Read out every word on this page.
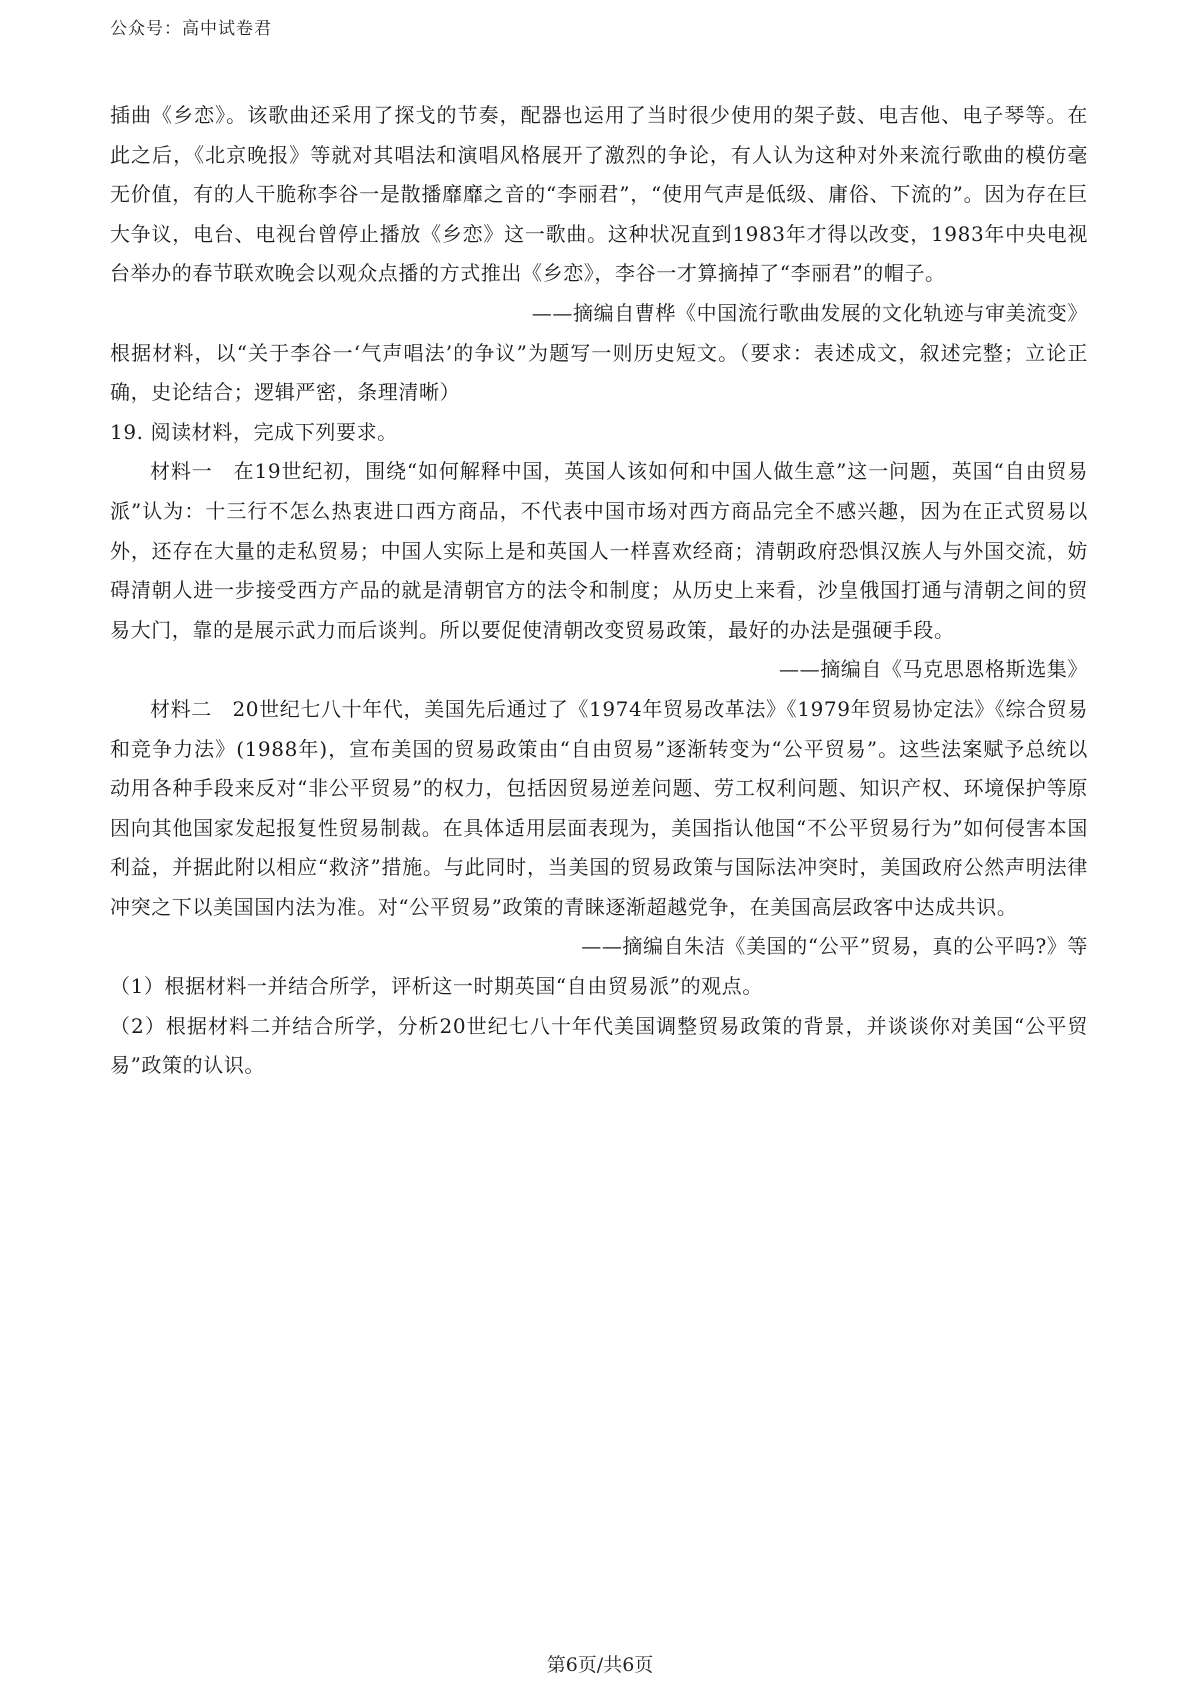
公众号：高中试卷君

插曲《乡恋》。该歌曲还采用了探戈的节奏，配器也运用了当时很少使用的架子鼓、电吉他、电子琴等。在此之后，《北京晚报》等就对其唱法和演唱风格展开了激烈的争论，有人认为这种对外来流行歌曲的模仿毫无价值，有的人干脆称李谷一是散播靡靡之音的“李丽君”，“使用气声是低级、庸俗、下流的”。因为存在巨大争议，电台、电视台曾停止播放《乡恋》这一歌曲。这种状况直到1983年才得以改变，1983年中央电视台举办的春节联欢晚会以观众点播的方式推出《乡恋》，李谷一才算摘掉了“李丽君”的帽子。

——摘编自曹桦《中国流行歌曲发展的文化轨迹与审美流变》

根据材料，以“关于李谷一‘气声唱法’的争议”为题写一则历史短文。（要求：表述成文，叙述完整；立论正确，史论结合；逻辑严密，条理清晰）

19. 阅读材料，完成下列要求。

材料一　在19世纪初，围绕“如何解释中国，英国人该如何和中国人做生意”这一问题，英国“自由贸易派”认为：十三行不怎么热衷进口西方商品，不代表中国市场对西方商品完全不感兴趣，因为在正式贸易以外，还存在大量的走私贸易；中国人实际上是和英国人一样喜欢经商；清朝政府恐惧汉族人与外国交流，妨碍清朝人进一步接受西方产品的就是清朝官方的法令和制度；从历史上来看，沙皇俄国打通与清朝之间的贸易大门，靠的是展示武力而后谈判。所以要促使清朝改变贸易政策，最好的办法是强硬手段。

——摘编自《马克思恩格斯选集》

材料二　20世纪七八十年代，美国先后通过了《1974年贸易改革法》《1979年贸易协定法》《综合贸易和竞争力法》(1988年)，宣布美国的贸易政策由“自由贸易”逐渐转变为“公平贸易”。这些法案赋予总统以动用各种手段来反对“非公平贸易”的权力，包括因贸易逆差问题、劳工权利问题、知识产权、环境保护等原因向其他国家发起报复性贸易制裁。在具体适用层面表现为，美国指认他国“不公平贸易行为”如何侵害本国利益，并据此附以相应“救济”措施。与此同时，当美国的贸易政策与国际法冲突时，美国政府公然声明法律冲突之下以美国国内法为准。对“公平贸易”政策的青睐逐渐超越党争，在美国高层政客中达成共识。

——摘编自朱洁《美国的“公平”贸易，真的公平吗?》等

（1）根据材料一并结合所学，评析这一时期英国“自由贸易派”的观点。

（2）根据材料二并结合所学，分析20世纪七八十年代美国调整贸易政策的背景，并谈谈你对美国“公平贸易”政策的认识。

第6页/共6页
